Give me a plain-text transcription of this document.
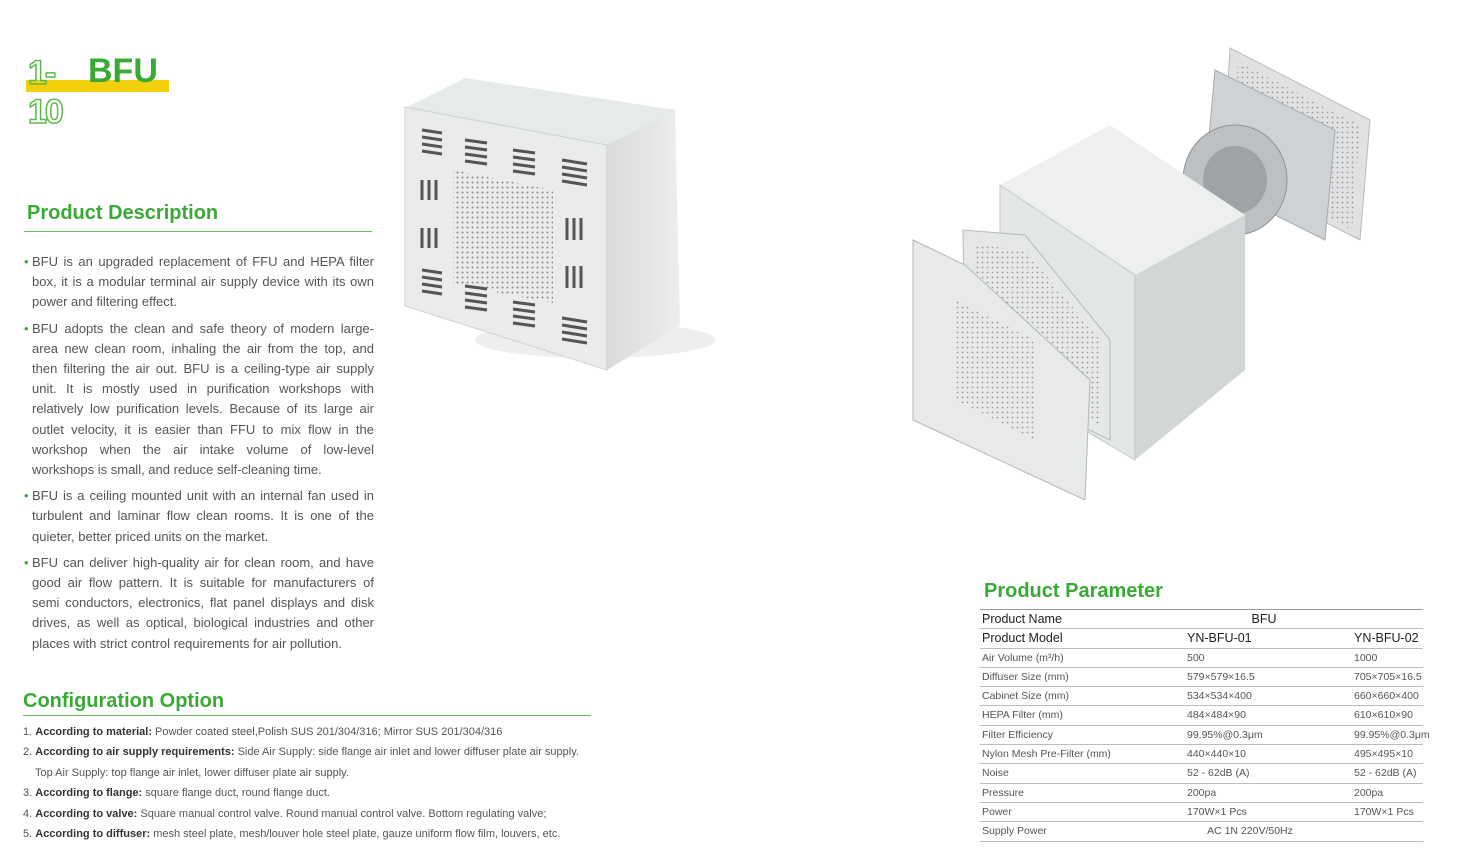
1-10
BFU
Product Description
• BFU is an upgraded replacement of FFU and HEPA filter box, it is a modular terminal air supply device with its own power and filtering effect.
• BFU adopts the clean and safe theory of modern large-area new clean room, inhaling the air from the top, and then filtering the air out. BFU is a ceiling-type air supply unit. It is mostly used in purification workshops with relatively low purification levels. Because of its large air outlet velocity, it is easier than FFU to mix flow in the workshop when the air intake volume of low-level workshops is small, and reduce self-cleaning time.
• BFU is a ceiling mounted unit with an internal fan used in turbulent and laminar flow clean rooms. It is one of the quieter, better priced units on the market.
• BFU can deliver high-quality air for clean room, and have good air flow pattern. It is suitable for manufacturers of semi conductors, electronics, flat panel displays and disk drives, as well as optical, biological industries and other places with strict control requirements for air pollution.
Configuration Option
1. According to material: Powder coated steel,Polish SUS 201/304/316; Mirror SUS 201/304/316
2. According to air supply requirements: Side Air Supply: side flange air inlet and lower diffuser plate air supply.
Top Air Supply: top flange air inlet, lower diffuser plate air supply.
3. According to flange: square flange duct, round flange duct.
4. According to valve: Square manual control valve. Round manual control valve. Bottom regulating valve;
5. According to diffuser: mesh steel plate, mesh/louver hole steel plate, gauze uniform flow film, louvers, etc.
Product Parameter
Product Name	BFU
Product Model	YN-BFU-01	YN-BFU-02
Air Volume (m³/h)	500	1000
Diffuser Size (mm)	579×579×16.5	705×705×16.5
Cabinet Size (mm)	534×534×400	660×660×400
HEPA Filter (mm)	484×484×90	610×610×90
Filter Efficiency	99.95%@0.3μm	99.95%@0.3μm
Nylon Mesh Pre-Filter (mm)	440×440×10	495×495×10
Noise	52 - 62dB (A)	52 - 62dB (A)
Pressure	200pa	200pa
Power	170W×1 Pcs	170W×1 Pcs
Supply Power	AC 1N 220V/50Hz
